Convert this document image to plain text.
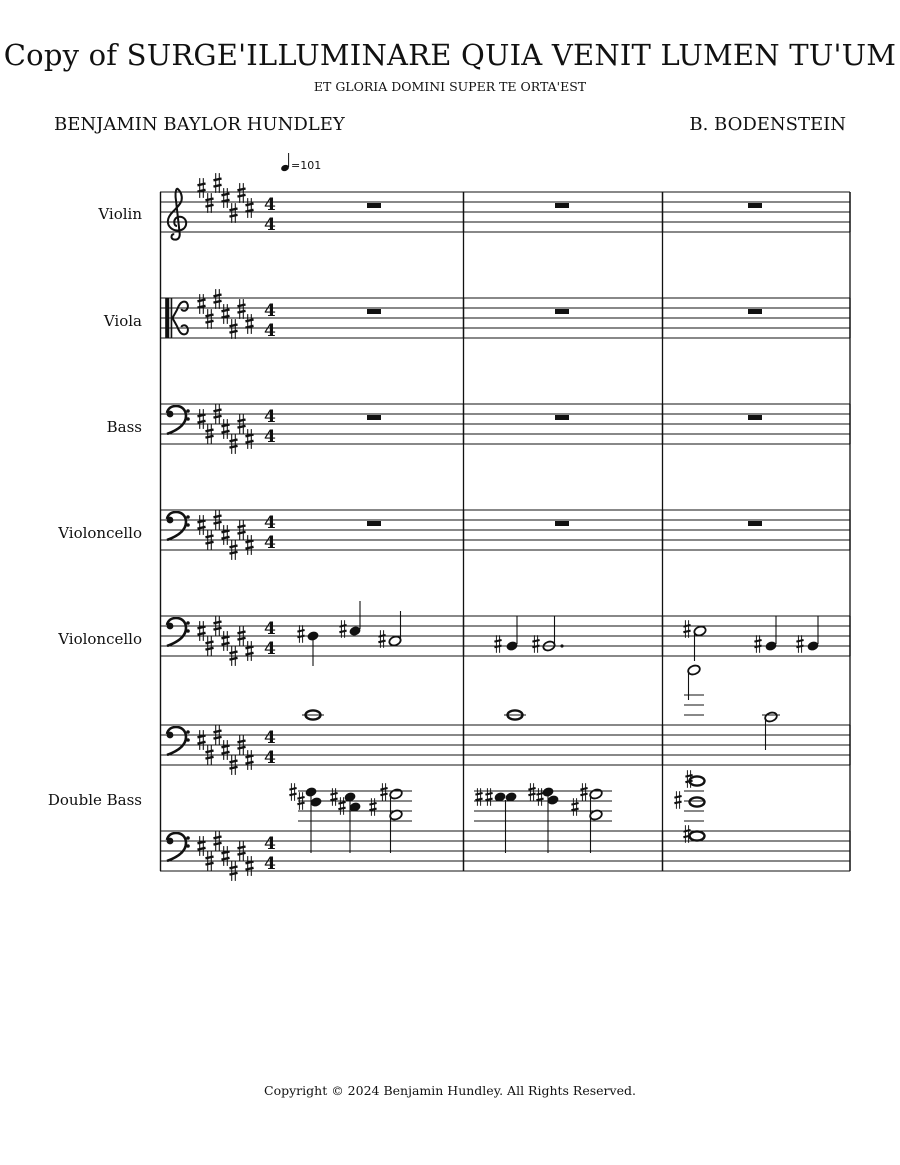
Copy of SURGE'ILLUMINARE QUIA VENIT LUMEN TU'UM
ET GLORIA DOMINI SUPER TE ORTA'EST
BENJAMIN BAYLOR HUNDLEY	B. BODENSTEIN
=101
Violin	4
4
Viola	4
4
Bass	4
4
Violoncello	4
4
Violoncello	4
4
4
4
Double Bass
4
4
Copyright © 2024 Benjamin Hundley. All Rights Reserved.
